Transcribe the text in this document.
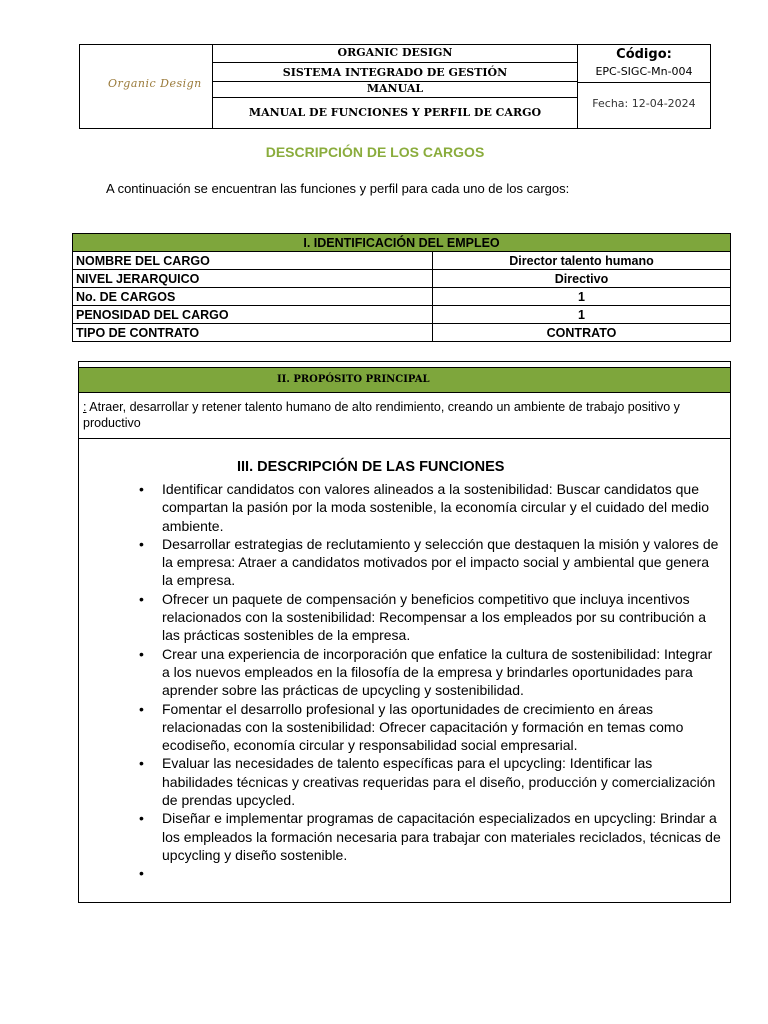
Organic Design
ORGANIC DESIGN
SISTEMA INTEGRADO DE GESTIÓN
MANUAL
MANUAL DE FUNCIONES Y PERFIL DE CARGO
Código:
EPC-SIGC-Mn-004
Fecha: 12-04-2024
DESCRIPCIÓN DE LOS CARGOS
A continuación se encuentran las funciones y perfil para cada uno de los cargos:
I. IDENTIFICACIÓN DEL EMPLEO	
NOMBRE DEL CARGO	Director talento humano
NIVEL JERARQUICO	Directivo
No. DE CARGOS	1
PENOSIDAD DEL CARGO	1
TIPO DE CONTRATO	CONTRATO
II. PROPÓSITO PRINCIPAL
: Atraer, desarrollar y retener talento humano de alto rendimiento, creando un ambiente de trabajo positivo y productivo
III. DESCRIPCIÓN DE LAS FUNCIONES
• Identificar candidatos con valores alineados a la sostenibilidad: Buscar candidatos que compartan la pasión por la moda sostenible, la economía circular y el cuidado del medio ambiente.
• Desarrollar estrategias de reclutamiento y selección que destaquen la misión y valores de la empresa: Atraer a candidatos motivados por el impacto social y ambiental que genera la empresa.
• Ofrecer un paquete de compensación y beneficios competitivo que incluya incentivos relacionados con la sostenibilidad: Recompensar a los empleados por su contribución a las prácticas sostenibles de la empresa.
• Crear una experiencia de incorporación que enfatice la cultura de sostenibilidad: Integrar a los nuevos empleados en la filosofía de la empresa y brindarles oportunidades para aprender sobre las prácticas de upcycling y sostenibilidad.
• Fomentar el desarrollo profesional y las oportunidades de crecimiento en áreas relacionadas con la sostenibilidad: Ofrecer capacitación y formación en temas como ecodiseño, economía circular y responsabilidad social empresarial.
• Evaluar las necesidades de talento específicas para el upcycling: Identificar las habilidades técnicas y creativas requeridas para el diseño, producción y comercialización de prendas upcycled.
• Diseñar e implementar programas de capacitación especializados en upcycling: Brindar a los empleados la formación necesaria para trabajar con materiales reciclados, técnicas de upcycling y diseño sostenible.
•
